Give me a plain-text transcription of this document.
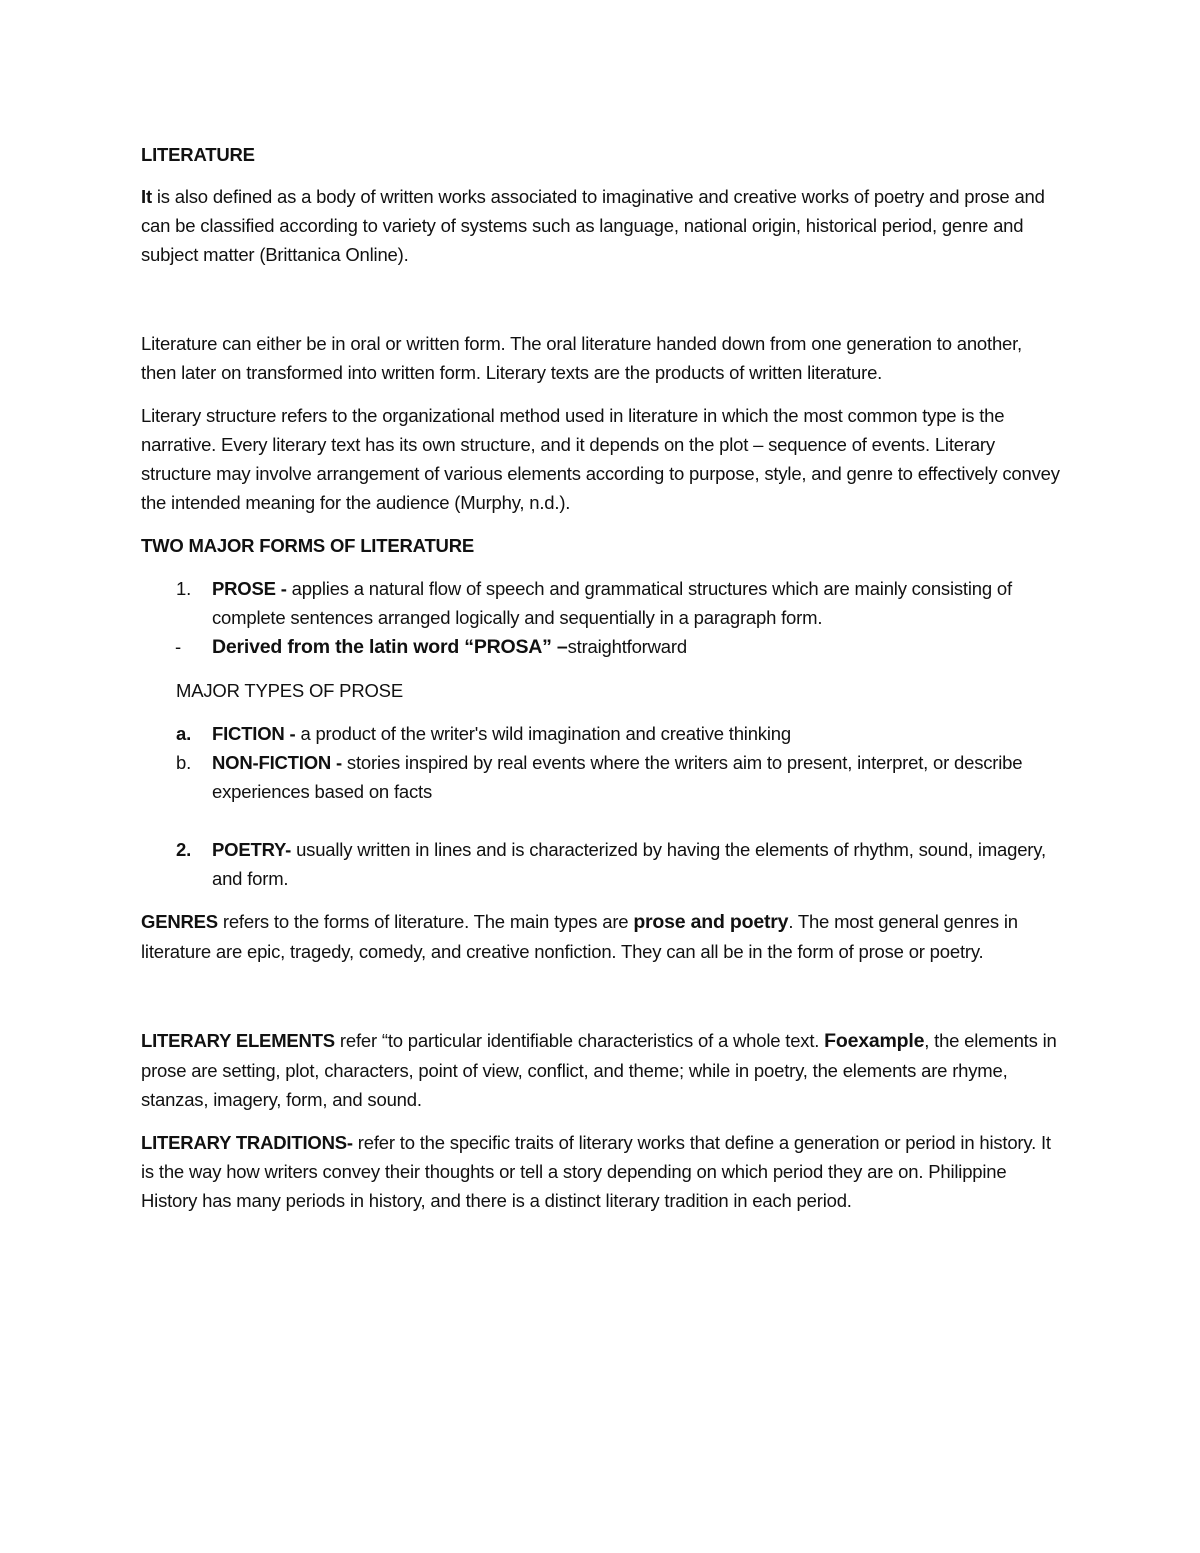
LITERATURE

It is also defined as a body of written works associated to imaginative and creative works of poetry and prose and can be classified according to variety of systems such as language, national origin, historical period, genre and subject matter (Brittanica Online).

Literature can either be in oral or written form. The oral literature handed down from one generation to another, then later on transformed into written form. Literary texts are the products of written literature.

Literary structure refers to the organizational method used in literature in which the most common type is the narrative. Every literary text has its own structure, and it depends on the plot – sequence of events. Literary structure may involve arrangement of various elements according to purpose, style, and genre to effectively convey the intended meaning for the audience (Murphy, n.d.).

TWO MAJOR FORMS OF LITERATURE

1. PROSE - applies a natural flow of speech and grammatical structures which are mainly consisting of complete sentences arranged logically and sequentially in a paragraph form.
- Derived from the latin word “PROSA” –straightforward

MAJOR TYPES OF PROSE

a. FICTION - a product of the writer's wild imagination and creative thinking
b. NON-FICTION - stories inspired by real events where the writers aim to present, interpret, or describe experiences based on facts
2. POETRY- usually written in lines and is characterized by having the elements of rhythm, sound, imagery, and form.

GENRES refers to the forms of literature. The main types are prose and poetry. The most general genres in literature are epic, tragedy, comedy, and creative nonfiction. They can all be in the form of prose or poetry.

LITERARY ELEMENTS refer “to particular identifiable characteristics of a whole text. Foexample, the elements in prose are setting, plot, characters, point of view, conflict, and theme; while in poetry, the elements are rhyme, stanzas, imagery, form, and sound.

LITERARY TRADITIONS- refer to the specific traits of literary works that define a generation or period in history. It is the way how writers convey their thoughts or tell a story depending on which period they are on. Philippine History has many periods in history, and there is a distinct literary tradition in each period.
